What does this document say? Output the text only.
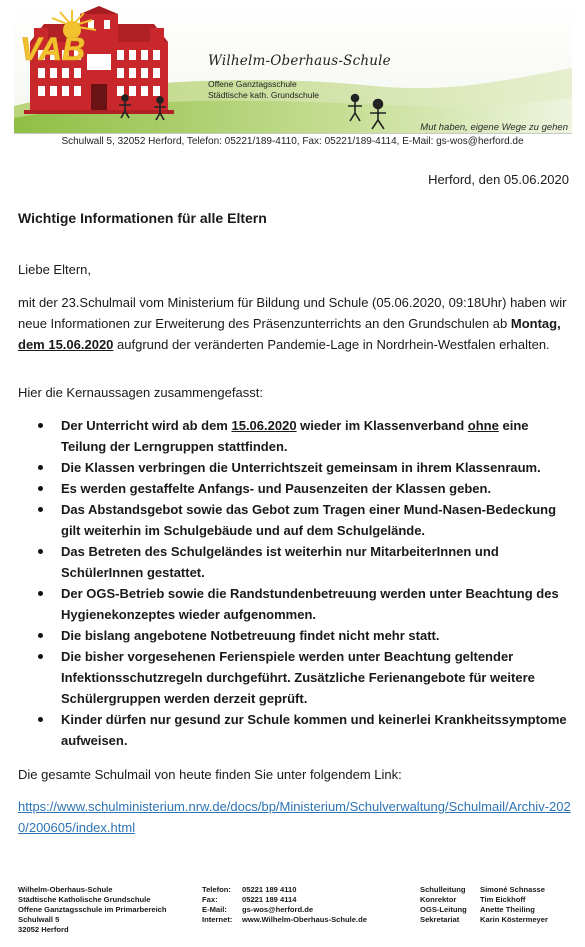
Wilhelm-Oberhaus-Schule
Offene Ganztagsschule
Städtische kath. Grundschule
VAB
Mut haben, eigene Wege zu gehen
Schulwall 5, 32052 Herford, Telefon: 05221/189-4110, Fax: 05221/189-4114, E-Mail: gs-wos@herford.de
Herford, den 05.06.2020
Wichtige Informationen für alle Eltern
Liebe Eltern,

mit der 23.Schulmail vom Ministerium für Bildung und Schule (05.06.2020, 09:18Uhr) haben wir neue Informationen zur Erweiterung des Präsenzunterrichts an den Grundschulen ab Montag, dem 15.06.2020 aufgrund der veränderten Pandemie-Lage in Nordrhein-Westfalen erhalten.

Hier die Kernaussagen zusammengefasst:
Der Unterricht wird ab dem 15.06.2020 wieder im Klassenverband ohne eine Teilung der Lerngruppen stattfinden.
Die Klassen verbringen die Unterrichtszeit gemeinsam in ihrem Klassenraum.
Es werden gestaffelte Anfangs- und Pausenzeiten der Klassen geben.
Das Abstandsgebot sowie das Gebot zum Tragen einer Mund-Nasen-Bedeckung gilt weiterhin im Schulgebäude und auf dem Schulgelände.
Das Betreten des Schulgeländes ist weiterhin nur MitarbeiterInnen und SchülerInnen gestattet.
Der OGS-Betrieb sowie die Randstundenbetreuung werden unter Beachtung des Hygienekonzeptes wieder aufgenommen.
Die bislang angebotene Notbetreuung findet nicht mehr statt.
Die bisher vorgesehenen Ferienspiele werden unter Beachtung geltender Infektionsschutzregeln durchgeführt. Zusätzliche Ferienangebote für weitere Schülergruppen werden derzeit geprüft.
Kinder dürfen nur gesund zur Schule kommen und keinerlei Krankheitssymptome aufweisen.
Die gesamte Schulmail von heute finden Sie unter folgendem Link:
https://www.schulministerium.nrw.de/docs/bp/Ministerium/Schulverwaltung/Schulmail/Archiv-2020/200605/index.html
Wilhelm-Oberhaus-Schule
Städtische Katholische Grundschule
Offene Ganztagsschule im Primarbereich
Schulwall 5
32052 Herford
Telefon: 05221 189 4110
Fax:	05221 189 4114
E-Mail: gs-wos@herford.de
Internet: www.Wilhelm-Oberhaus-Schule.de
Schulleitung Simoné Schnasse
Konrektor	Tim Eickhoff
OGS-Leitung Anette Theiling
Sekretariat	Karin Köstermeyer
